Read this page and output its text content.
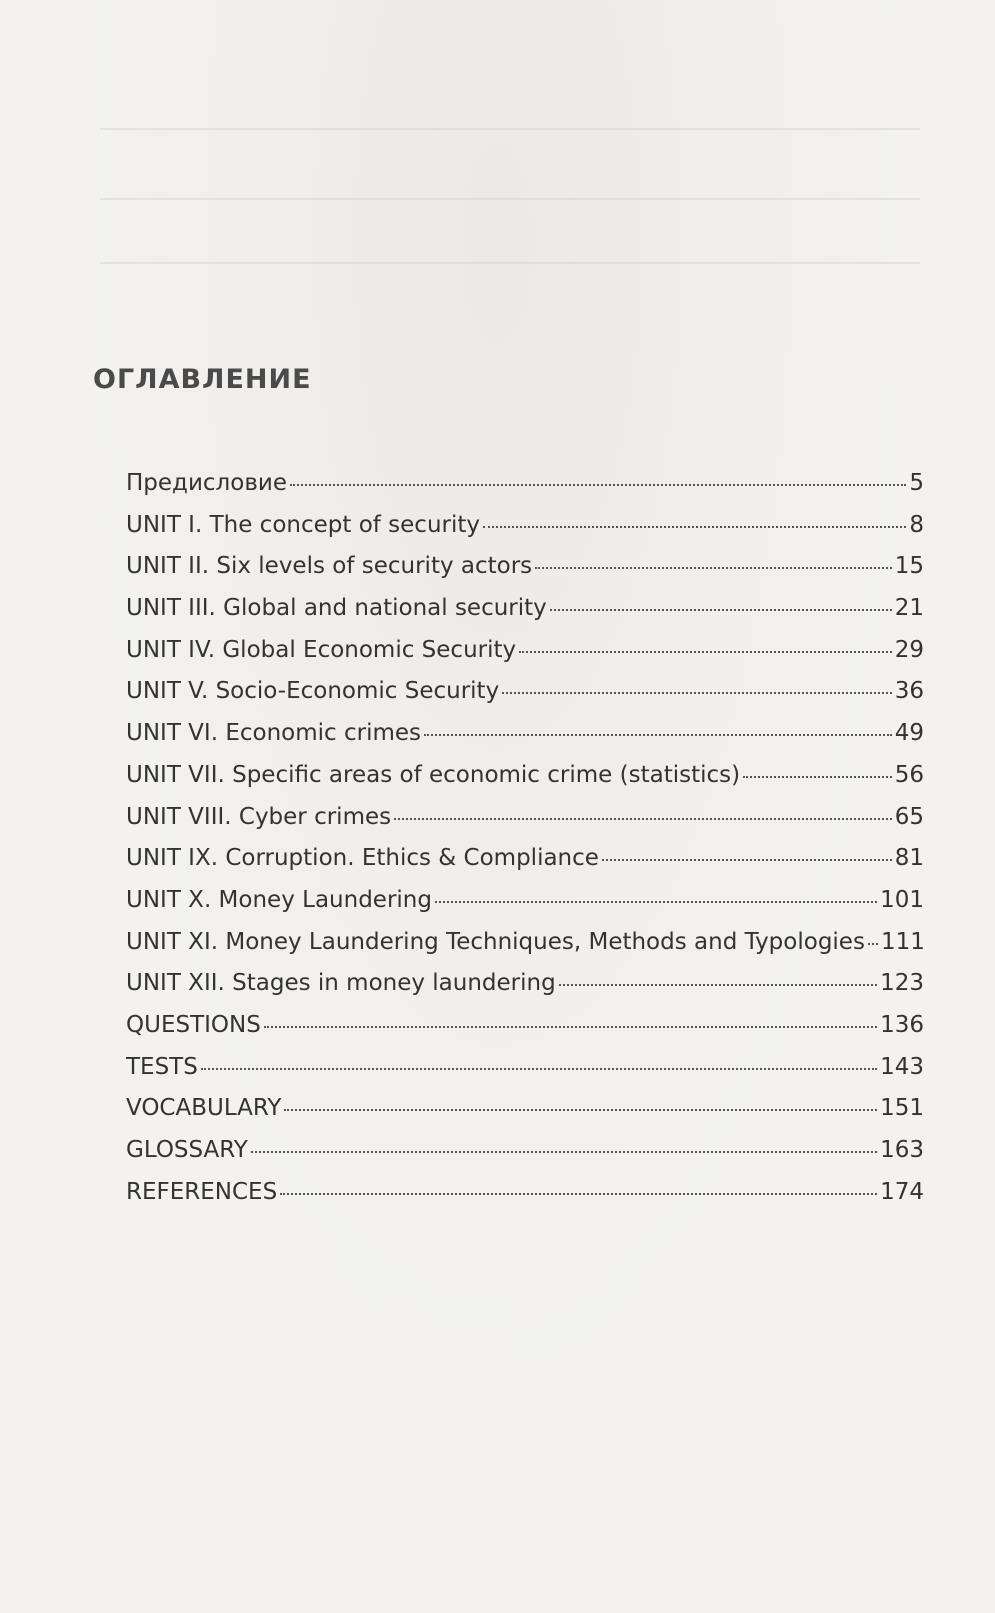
ОГЛАВЛЕНИЕ
Предисловие	5
UNIT I. The concept of security	8
UNIT II. Six levels of security actors	15
UNIT III. Global and national security	21
UNIT IV. Global Economic Security	29
UNIT V. Socio-Economic Security	36
UNIT VI. Economic crimes	49
UNIT VII. Specific areas of economic crime (statistics)	56
UNIT VIII. Cyber crimes	65
UNIT IX. Corruption. Ethics & Compliance	81
UNIT X. Money Laundering	101
UNIT XI. Money Laundering Techniques, Methods and Typologies 111
UNIT XII. Stages in money laundering	123
QUESTIONS	136
TESTS	143
VOCABULARY	151
GLOSSARY	163
REFERENCES	174
